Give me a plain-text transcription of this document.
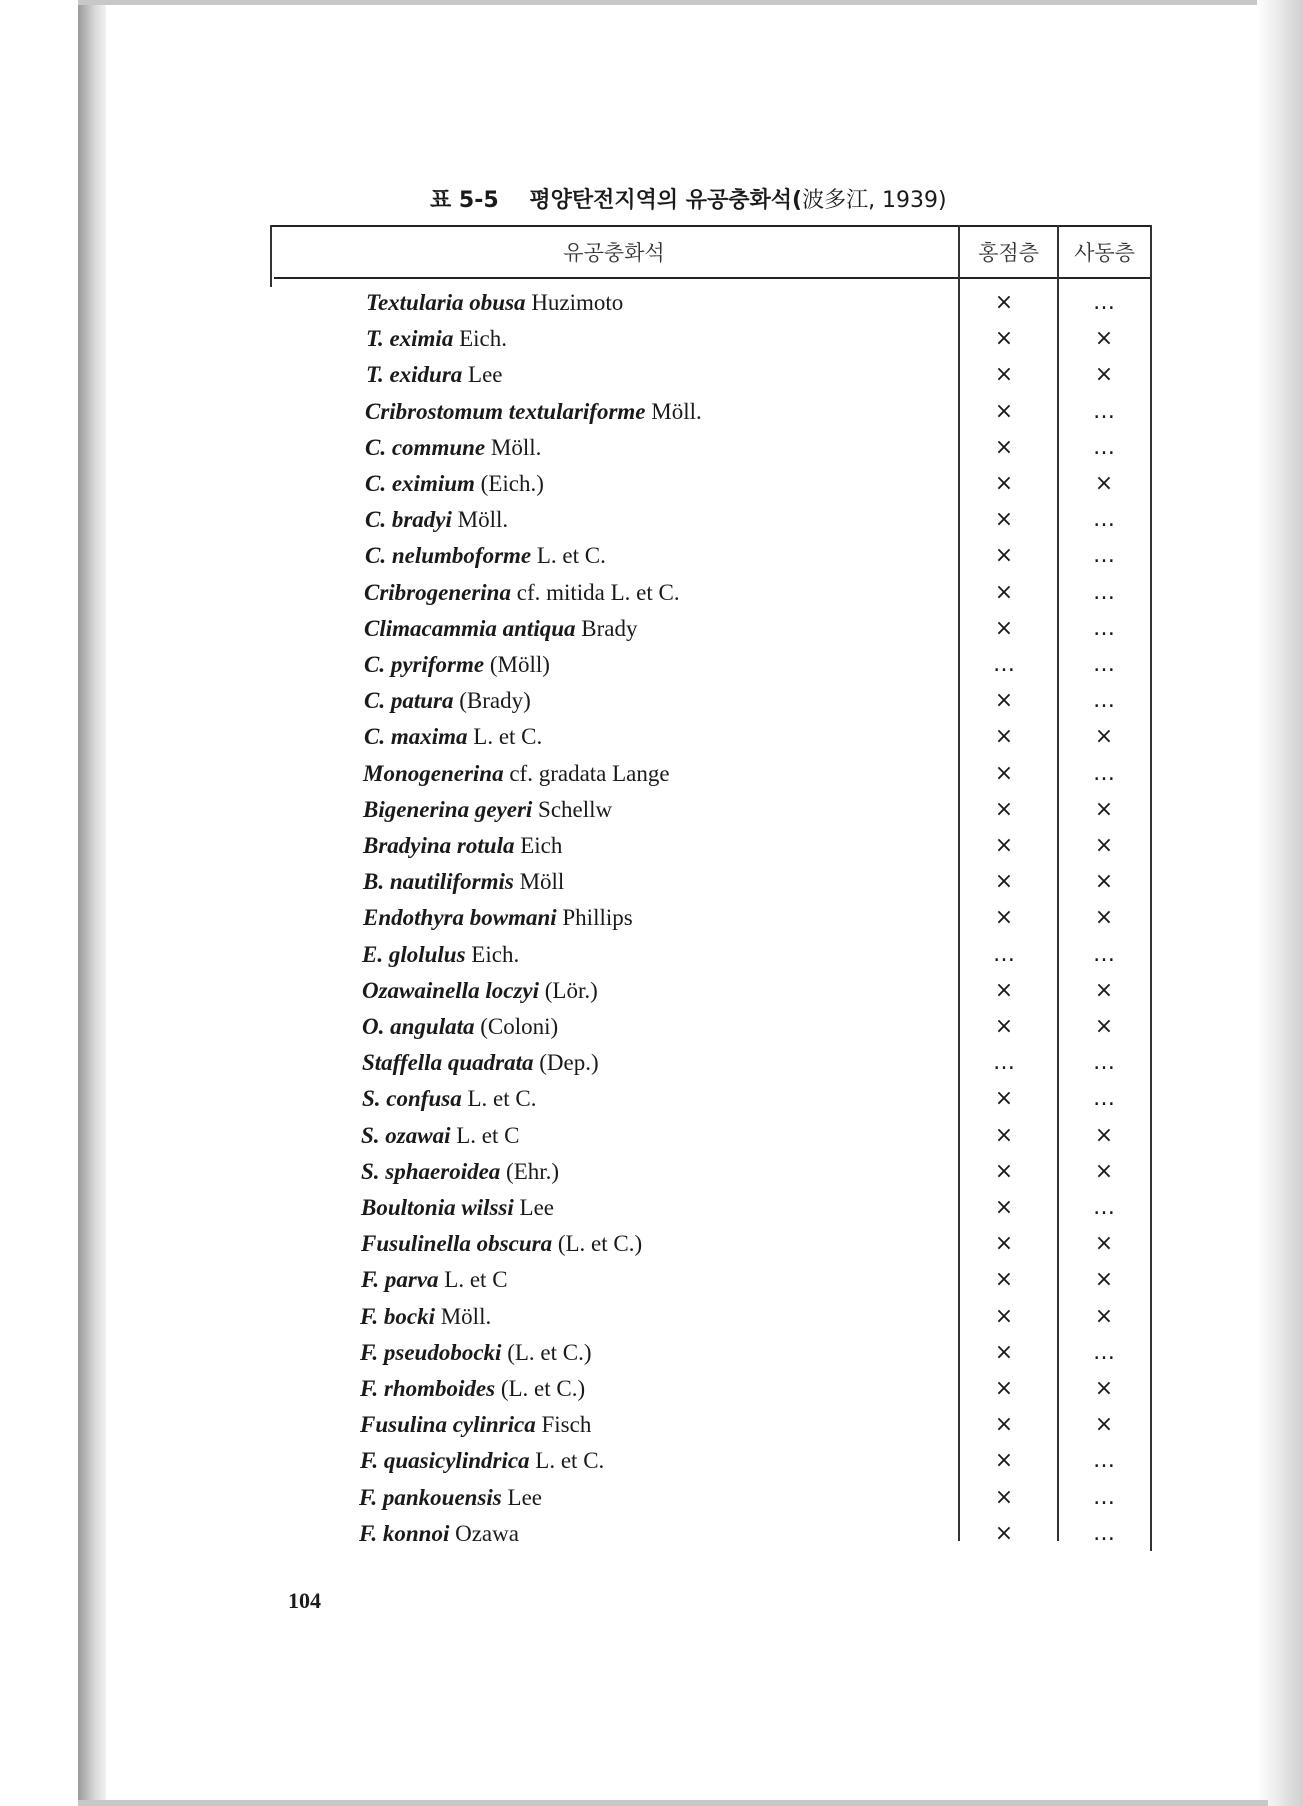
표 5-5 평양탄전지역의 유공충화석(波多江, 1939)
유공충화석	홍점층	사동층
Textularia obusa Huzimoto	×	…
T. eximia Eich.	×	×
T. exidura Lee	×	×
Cribrostomum textulariforme Möll.	×	…
C. commune Möll.	×	…
C. eximium (Eich.)	×	×
C. bradyi Möll.	×	…
C. nelumboforme L. et C.	×	…
Cribrogenerina cf. mitida L. et C.	×	…
Climacammia antiqua Brady	×	…
C. pyriforme (Möll)	…	…
C. patura (Brady)	×	…
C. maxima L. et C.	×	×
Monogenerina cf. gradata Lange	×	…
Bigenerina geyeri Schellw	×	×
Bradyina rotula Eich	×	×
B. nautiliformis Möll	×	×
Endothyra bowmani Phillips	×	×
E. glolulus Eich.	…	…
Ozawainella loczyi (Lör.)	×	×
O. angulata (Coloni)	×	×
Staffella quadrata (Dep.)	…	…
S. confusa L. et C.	×	…
S. ozawai L. et C	×	×
S. sphaeroidea (Ehr.)	×	×
Boultonia wilssi Lee	×	…
Fusulinella obscura (L. et C.)	×	×
F. parva L. et C	×	×
F. bocki Möll.	×	×
F. pseudobocki (L. et C.)	×	…
F. rhomboides (L. et C.)	×	×
Fusulina cylinrica Fisch	×	×
F. quasicylindrica L. et C.	×	…
F. pankouensis Lee	×	…
F. konnoi Ozawa	×	…
104
